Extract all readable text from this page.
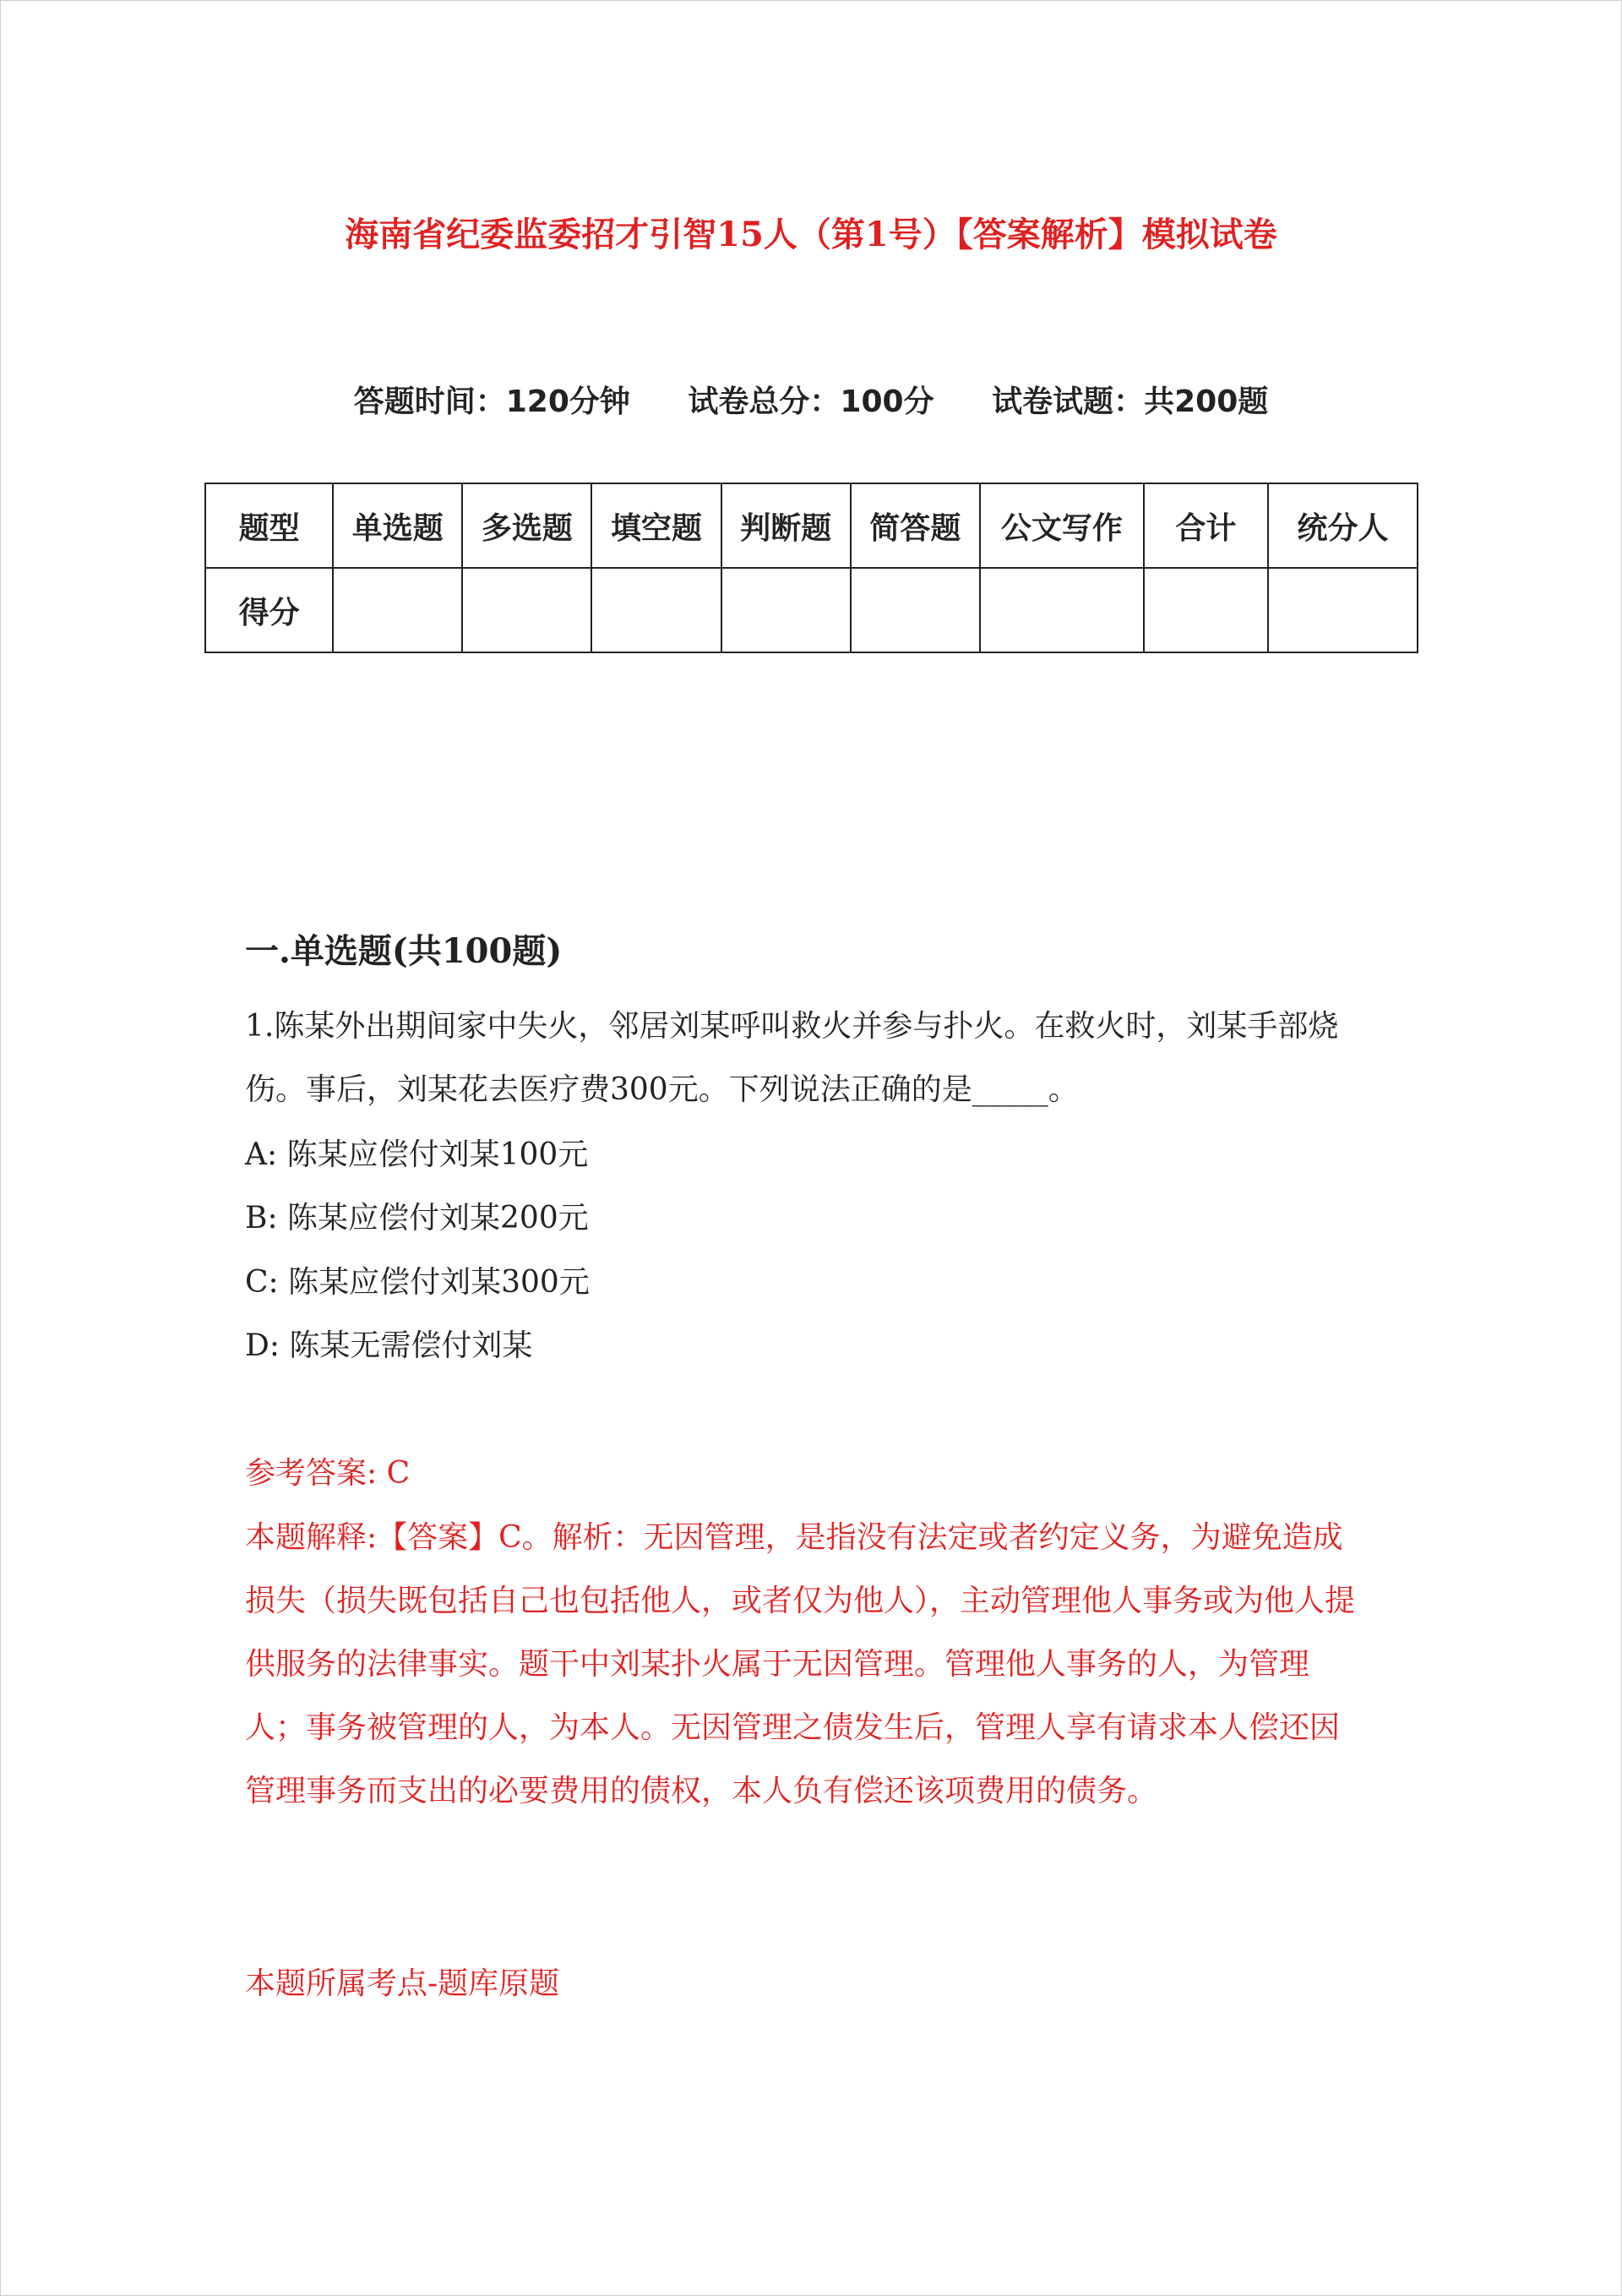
海南省纪委监委招才引智15人（第1号）【答案解析】模拟试卷
答题时间：120分钟 试卷总分：100分 试卷试题：共200题
题型	单选题	多选题	填空题	判断题	简答题	公文写作	合计	统分人
得分								
一.单选题(共100题)
1.陈某外出期间家中失火，邻居刘某呼叫救火并参与扑火。在救火时，刘某手部烧伤。事后，刘某花去医疗费300元。下列说法正确的是_____。
A: 陈某应偿付刘某100元
B: 陈某应偿付刘某200元
C: 陈某应偿付刘某300元
D: 陈某无需偿付刘某
参考答案: C
本题解释:【答案】C。解析：无因管理，是指没有法定或者约定义务，为避免造成损失（损失既包括自己也包括他人，或者仅为他人），主动管理他人事务或为他人提供服务的法律事实。题干中刘某扑火属于无因管理。管理他人事务的人，为管理人；事务被管理的人，为本人。无因管理之债发生后，管理人享有请求本人偿还因管理事务而支出的必要费用的债权，本人负有偿还该项费用的债务。
本题所属考点-题库原题
